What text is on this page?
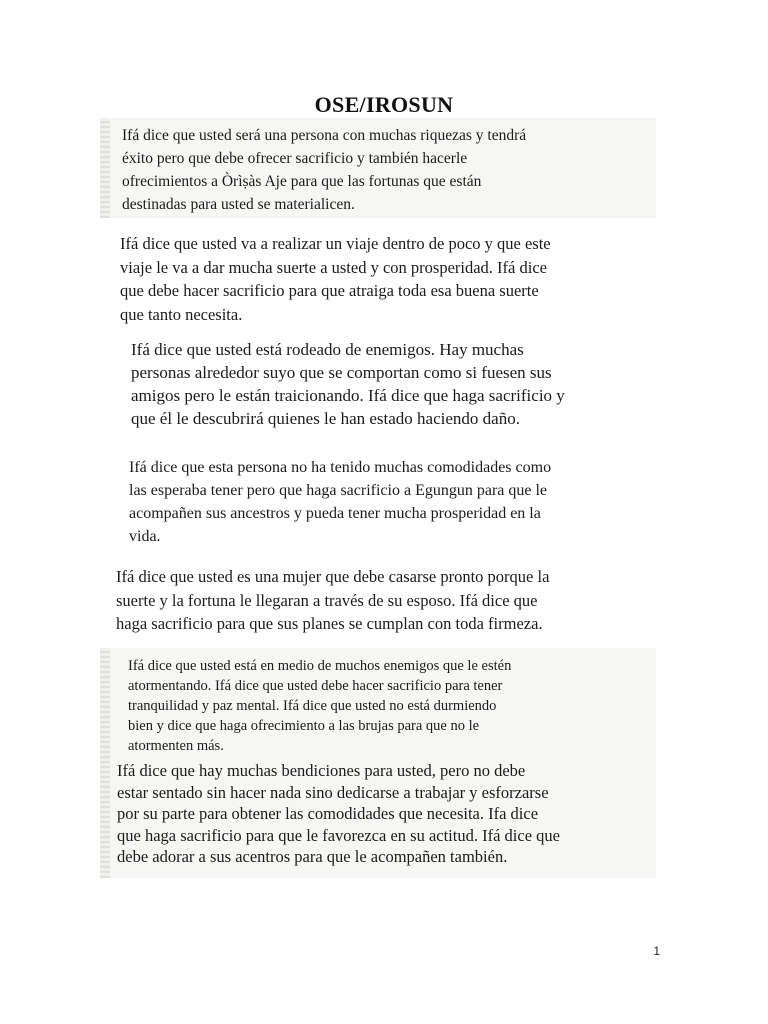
OSE/IROSUN
Ifá dice que usted será una persona con muchas riquezas y tendrá
éxito pero que debe ofrecer sacrificio y también hacerle
ofrecimientos a Òrìṣàs Aje para que las fortunas que están
destinadas para usted se materialicen.
Ifá dice que usted va a realizar un viaje dentro de poco y que este
viaje le va a dar mucha suerte a usted y con prosperidad. Ifá dice
que debe hacer sacrificio para que atraiga toda esa buena suerte
que tanto necesita.
Ifá dice que usted está rodeado de enemigos. Hay muchas
personas alrededor suyo que se comportan como si fuesen sus
amigos pero le están traicionando. Ifá dice que haga sacrificio y
que él le descubrirá quienes le han estado haciendo daño.
Ifá dice que esta persona no ha tenido muchas comodidades como
las esperaba tener pero que haga sacrificio a Egungun para que le
acompañen sus ancestros y pueda tener mucha prosperidad en la
vida.
Ifá dice que usted es una mujer que debe casarse pronto porque la
suerte y la fortuna le llegaran a través de su esposo. Ifá dice que
haga sacrificio para que sus planes se cumplan con toda firmeza.
Ifá dice que usted está en medio de muchos enemigos que le estén
atormentando. Ifá dice que usted debe hacer sacrificio para tener
tranquilidad y paz mental. Ifá dice que usted no está durmiendo
bien y dice que haga ofrecimiento a las brujas para que no le
atormenten más.
Ifá dice que hay muchas bendiciones para usted, pero no debe
estar sentado sin hacer nada sino dedicarse a trabajar y esforzarse
por su parte para obtener las comodidades que necesita. Ifa dice
que haga sacrificio para que le favorezca en su actitud. Ifá dice que
debe adorar a sus acentros para que le acompañen también.
1
